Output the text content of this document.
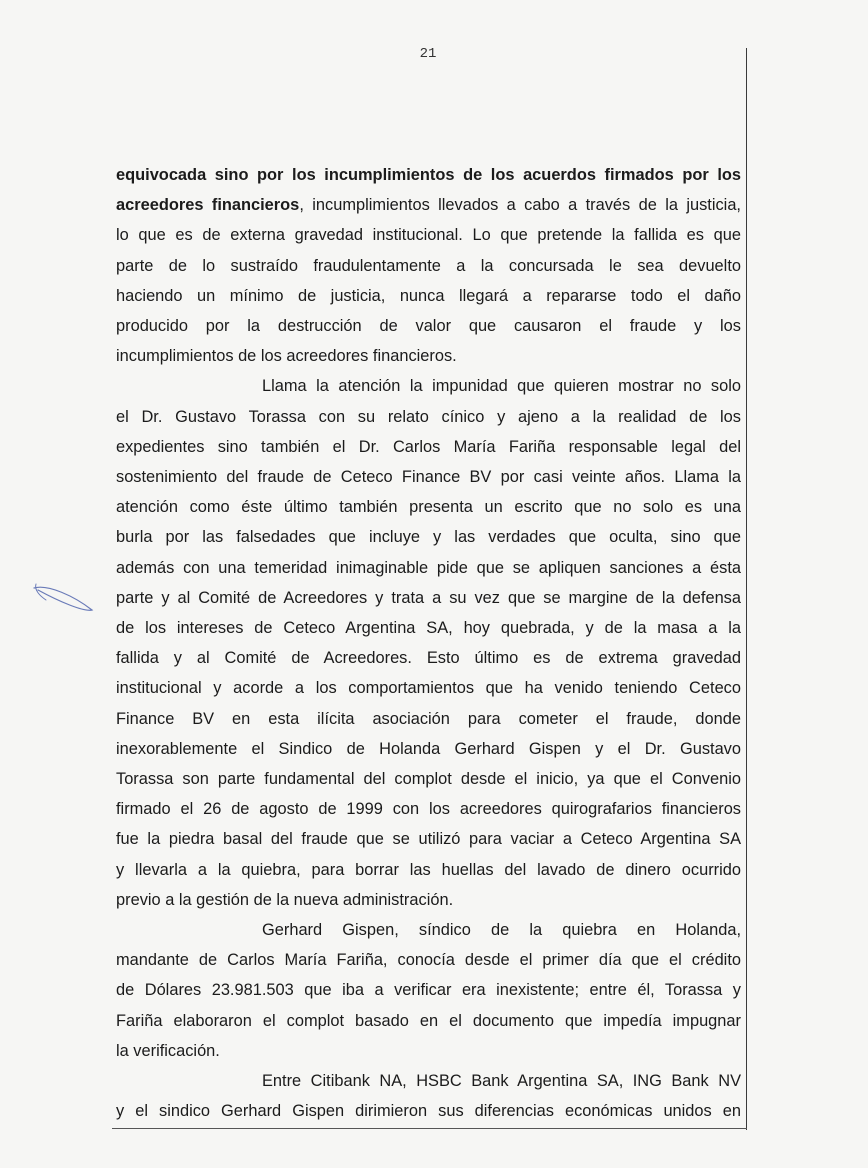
21

equivocada sino por los incumplimientos de los acuerdos firmados por los

acreedores financieros, incumplimientos llevados a cabo a través de la justicia,

lo que es de externa gravedad institucional. Lo que pretende la fallida es que

parte de lo sustraído fraudulentamente a la concursada le sea devuelto

haciendo un mínimo de justicia, nunca llegará a repararse todo el daño

producido por la destrucción de valor que causaron el fraude y los

incumplimientos de los acreedores financieros.

Llama la atención la impunidad que quieren mostrar no solo

el Dr. Gustavo Torassa con su relato cínico y ajeno a la realidad de los

expedientes sino también el Dr. Carlos María Fariña responsable legal del

sostenimiento del fraude de Ceteco Finance BV por casi veinte años. Llama la

atención como éste último también presenta un escrito que no solo es una

burla por las falsedades que incluye y las verdades que oculta, sino que

además con una temeridad inimaginable pide que se apliquen sanciones a ésta

parte y al Comité de Acreedores y trata a su vez que se margine de la defensa

de los intereses de Ceteco Argentina SA, hoy quebrada, y de la masa a la

fallida y al Comité de Acreedores. Esto último es de extrema gravedad

institucional y acorde a los comportamientos que ha venido teniendo Ceteco

Finance BV en esta ilícita asociación para cometer el fraude, donde

inexorablemente el Sindico de Holanda Gerhard Gispen y el Dr. Gustavo

Torassa son parte fundamental del complot desde el inicio, ya que el Convenio

firmado el 26 de agosto de 1999 con los acreedores quirografarios financieros

fue la piedra basal del fraude que se utilizó para vaciar a Ceteco Argentina SA

y llevarla a la quiebra, para borrar las huellas del lavado de dinero ocurrido

previo a la gestión de la nueva administración.

Gerhard Gispen, síndico de la quiebra en Holanda,

mandante de Carlos María Fariña, conocía desde el primer día que el crédito

de Dólares 23.981.503 que iba a verificar era inexistente; entre él, Torassa y

Fariña elaboraron el complot basado en el documento que impedía impugnar

la verificación.

Entre Citibank NA, HSBC Bank Argentina SA, ING Bank NV

y el sindico Gerhard Gispen dirimieron sus diferencias económicas unidos en
